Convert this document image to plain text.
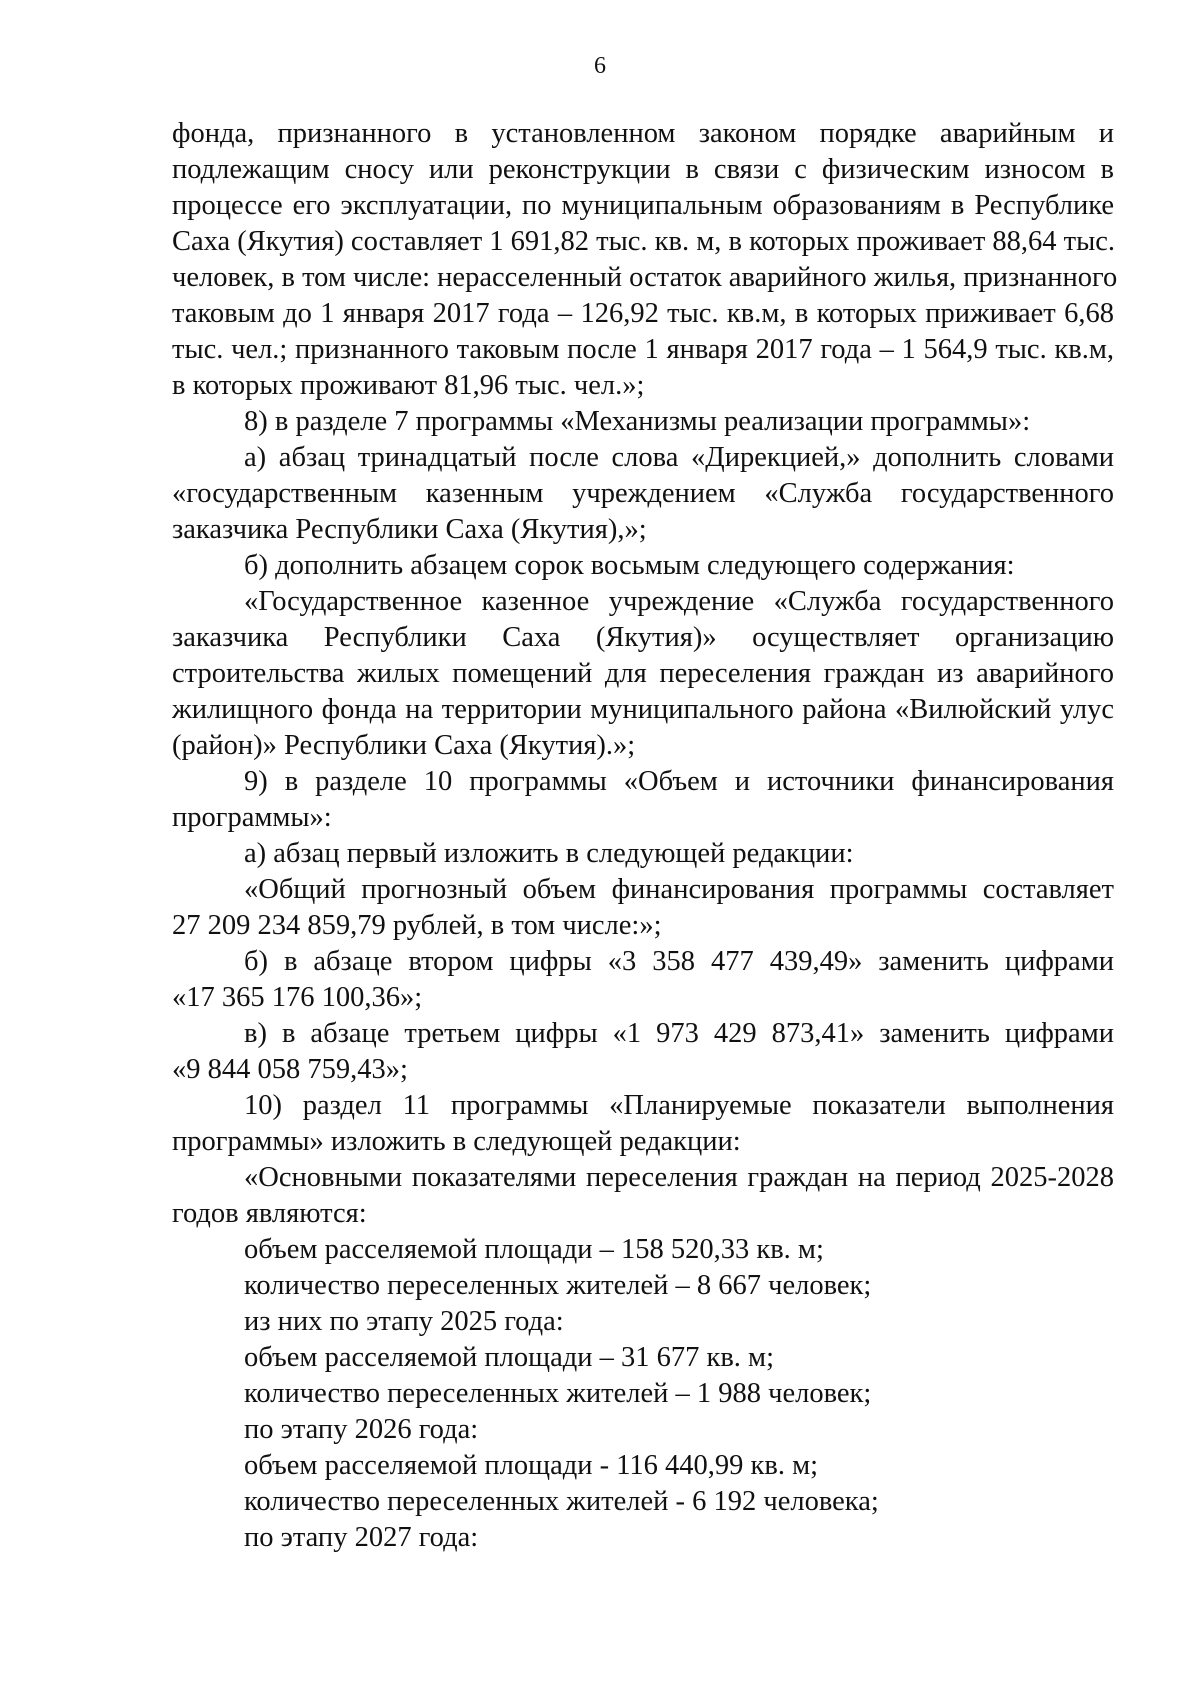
6
фонда, признанного в установленном законом порядке аварийным и
подлежащим сносу или реконструкции в связи с физическим износом в
процессе его эксплуатации, по муниципальным образованиям в Республике
Саха (Якутия) составляет 1 691,82 тыс. кв. м, в которых проживает 88,64 тыс.
человек, в том числе: нерасселенный остаток аварийного жилья, признанного
таковым до 1 января 2017 года – 126,92 тыс. кв.м, в которых приживает 6,68
тыс. чел.; признанного таковым после 1 января 2017 года – 1 564,9 тыс. кв.м,
в которых проживают 81,96 тыс. чел.»;
8) в разделе 7 программы «Механизмы реализации программы»:
а) абзац тринадцатый после слова «Дирекцией,» дополнить словами
«государственным казенным учреждением «Служба государственного
заказчика Республики Саха (Якутия),»;
б) дополнить абзацем сорок восьмым следующего содержания:
«Государственное казенное учреждение «Служба государственного
заказчика Республики Саха (Якутия)» осуществляет организацию
строительства жилых помещений для переселения граждан из аварийного
жилищного фонда на территории муниципального района «Вилюйский улус
(район)» Республики Саха (Якутия).»;
9) в разделе 10 программы «Объем и источники финансирования
программы»:
а) абзац первый изложить в следующей редакции:
«Общий прогнозный объем финансирования программы составляет
27 209 234 859,79 рублей, в том числе:»;
б) в абзаце втором цифры «3 358 477 439,49» заменить цифрами
«17 365 176 100,36»;
в) в абзаце третьем цифры «1 973 429 873,41» заменить цифрами
«9 844 058 759,43»;
10) раздел 11 программы «Планируемые показатели выполнения
программы» изложить в следующей редакции:
«Основными показателями переселения граждан на период 2025-2028
годов являются:
объем расселяемой площади – 158 520,33 кв. м;
количество переселенных жителей – 8 667 человек;
из них по этапу 2025 года:
объем расселяемой площади – 31 677 кв. м;
количество переселенных жителей – 1 988 человек;
по этапу 2026 года:
объем расселяемой площади - 116 440,99 кв. м;
количество переселенных жителей - 6 192 человека;
по этапу 2027 года:
